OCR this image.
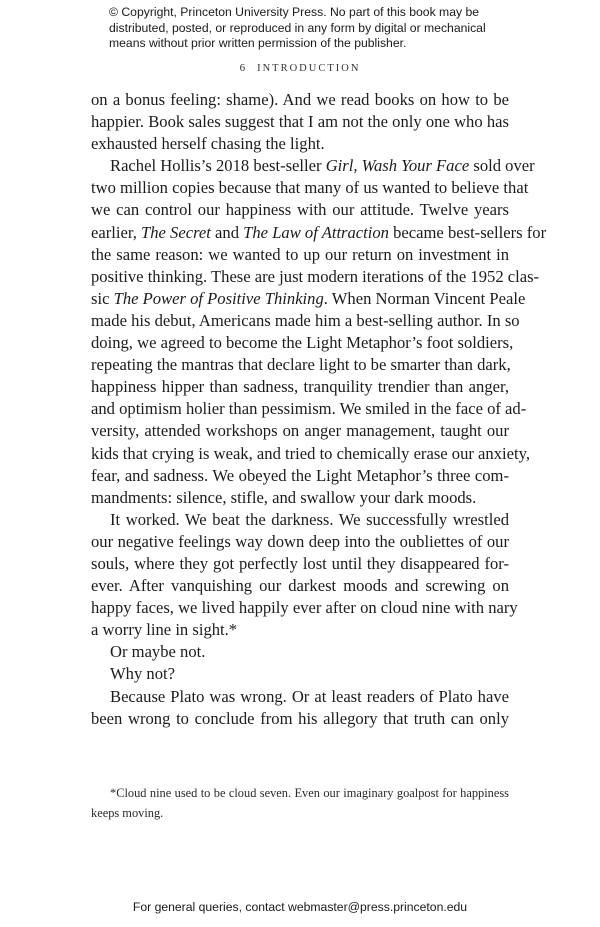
© Copyright, Princeton University Press. No part of this book may be
distributed, posted, or reproduced in any form by digital or mechanical
means without prior written permission of the publisher.
6 INTRODUCTION
on a bonus feeling: shame). And we read books on how to be
happier. Book sales suggest that I am not the only one who has
exhausted herself chasing the light.
Rachel Hollis’s 2018 best-seller Girl, Wash Your Face sold over
two million copies because that many of us wanted to believe that
we can control our happiness with our attitude. Twelve years
earlier, The Secret and The Law of Attraction became best-sellers for
the same reason: we wanted to up our return on investment in
positive thinking. These are just modern iterations of the 1952 clas-
sic The Power of Positive Thinking. When Norman Vincent Peale
made his debut, Americans made him a best-selling author. In so
doing, we agreed to become the Light Metaphor’s foot soldiers,
repeating the mantras that declare light to be smarter than dark,
happiness hipper than sadness, tranquility trendier than anger,
and optimism holier than pessimism. We smiled in the face of ad-
versity, attended workshops on anger management, taught our
kids that crying is weak, and tried to chemically erase our anxiety,
fear, and sadness. We obeyed the Light Metaphor’s three com-
mandments: silence, stifle, and swallow your dark moods.
It worked. We beat the darkness. We successfully wrestled
our negative feelings way down deep into the oubliettes of our
souls, where they got perfectly lost until they disappeared for-
ever. After vanquishing our darkest moods and screwing on
happy faces, we lived happily ever after on cloud nine with nary
a worry line in sight.*
Or maybe not.
Why not?
Because Plato was wrong. Or at least readers of Plato have
been wrong to conclude from his allegory that truth can only
*Cloud nine used to be cloud seven. Even our imaginary goalpost for happiness
keeps moving.
For general queries, contact webmaster@press.princeton.edu
